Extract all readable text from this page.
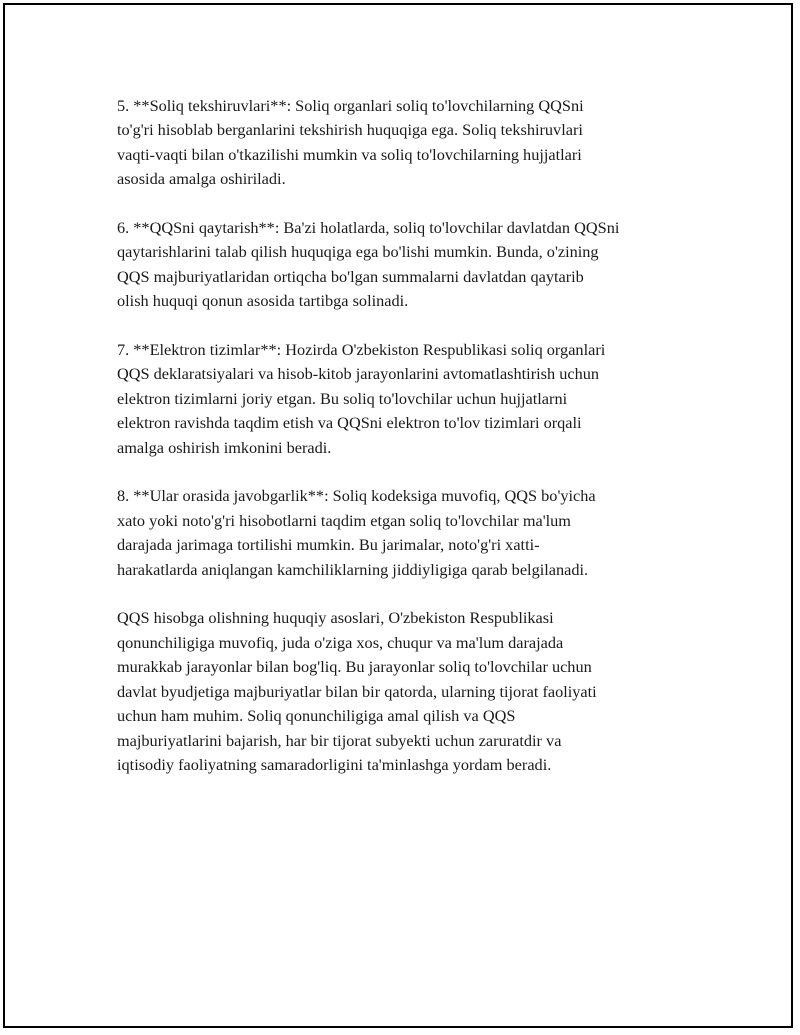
5. **Soliq tekshiruvlari**: Soliq organlari soliq to'lovchilarning QQSni
to'g'ri hisoblab berganlarini tekshirish huquqiga ega. Soliq tekshiruvlari
vaqti-vaqti bilan o'tkazilishi mumkin va soliq to'lovchilarning hujjatlari
asosida amalga oshiriladi.

6. **QQSni qaytarish**: Ba'zi holatlarda, soliq to'lovchilar davlatdan QQSni
qaytarishlarini talab qilish huquqiga ega bo'lishi mumkin. Bunda, o'zining
QQS majburiyatlaridan ortiqcha bo'lgan summalarni davlatdan qaytarib
olish huquqi qonun asosida tartibga solinadi.

7. **Elektron tizimlar**: Hozirda O'zbekiston Respublikasi soliq organlari
QQS deklaratsiyalari va hisob-kitob jarayonlarini avtomatlashtirish uchun
elektron tizimlarni joriy etgan. Bu soliq to'lovchilar uchun hujjatlarni
elektron ravishda taqdim etish va QQSni elektron to'lov tizimlari orqali
amalga oshirish imkonini beradi.

8. **Ular orasida javobgarlik**: Soliq kodeksiga muvofiq, QQS bo'yicha
xato yoki noto'g'ri hisobotlarni taqdim etgan soliq to'lovchilar ma'lum
darajada jarimaga tortilishi mumkin. Bu jarimalar, noto'g'ri xatti-
harakatlarda aniqlangan kamchiliklarning jiddiyligiga qarab belgilanadi.

QQS hisobga olishning huquqiy asoslari, O'zbekiston Respublikasi
qonunchiligiga muvofiq, juda o'ziga xos, chuqur va ma'lum darajada
murakkab jarayonlar bilan bog'liq. Bu jarayonlar soliq to'lovchilar uchun
davlat byudjetiga majburiyatlar bilan bir qatorda, ularning tijorat faoliyati
uchun ham muhim. Soliq qonunchiligiga amal qilish va QQS
majburiyatlarini bajarish, har bir tijorat subyekti uchun zaruratdir va
iqtisodiy faoliyatning samaradorligini ta'minlashga yordam beradi.
